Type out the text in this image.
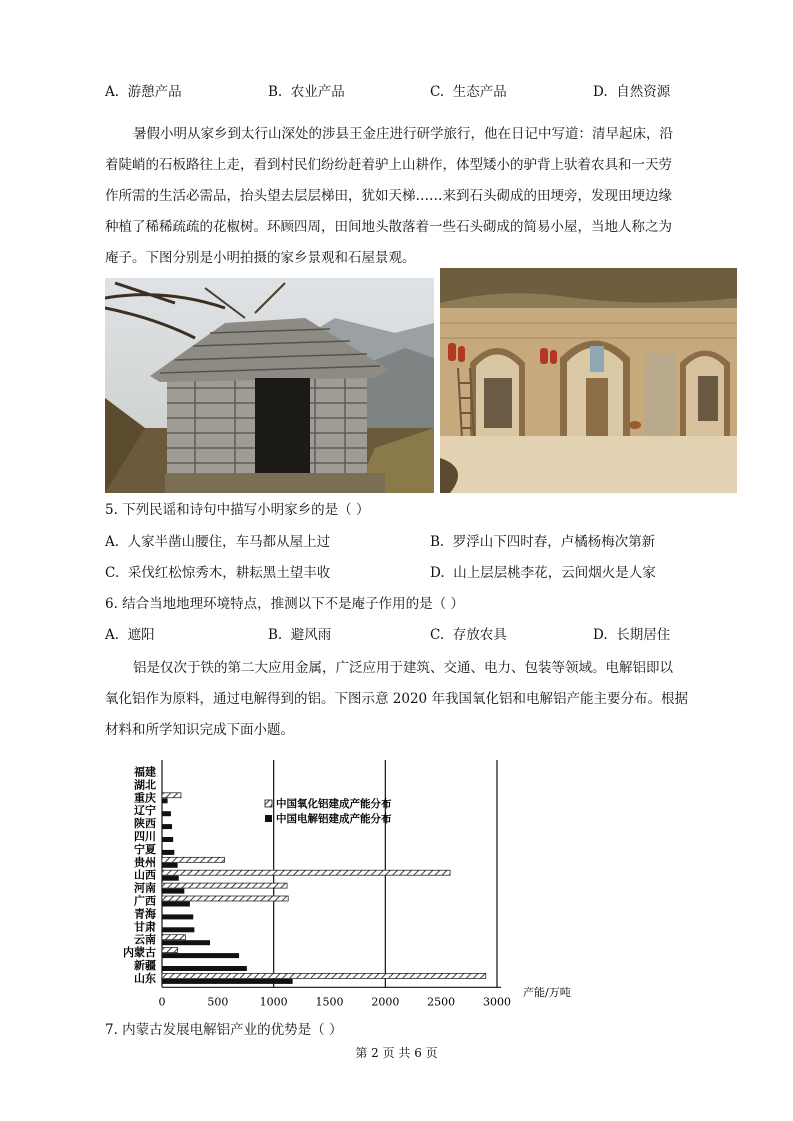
A.  游憩产品	B.  农业产品	C.  生态产品	D.  自然资源
暑假小明从家乡到太行山深处的涉县王金庄进行研学旅行，他在日记中写道：清早起床，沿
着陡峭的石板路往上走，看到村民们纷纷赶着驴上山耕作，体型矮小的驴背上驮着农具和一天劳
作所需的生活必需品，抬头望去层层梯田，犹如天梯……来到石头砌成的田埂旁，发现田埂边缘
种植了稀稀疏疏的花椒树。环顾四周，田间地头散落着一些石头砌成的简易小屋，当地人称之为
庵子。下图分别是小明拍摄的家乡景观和石屋景观。
5. 下列民谣和诗句中描写小明家乡的是（ ）
A.  人家半凿山腰住，车马都从屋上过	B.  罗浮山下四时春，卢橘杨梅次第新
C.  采伐红松惊秀木，耕耘黑土望丰收	D.  山上层层桃李花，云间烟火是人家
6. 结合当地地理环境特点，推测以下不是庵子作用的是（ ）
A.  遮阳	B.  避风雨	C.  存放农具	D.  长期居住
铝是仅次于铁的第二大应用金属，广泛应用于建筑、交通、电力、包装等领域。电解铝即以
氧化铝作为原料，通过电解得到的铝。下图示意 2020 年我国氧化铝和电解铝产能主要分布。根据
材料和所学知识完成下面小题。
福建
湖北
重庆
辽宁
陕西
四川
宁夏
贵州
山西
河南
广西
青海
甘肃
云南
内蒙古
新疆
山东
0	500	1000	1500	2000	2500	3000
中国氧化铝建成产能分布
中国电解铝建成产能分布
产能/万吨
7. 内蒙古发展电解铝产业的优势是（ ）
第 2 页 共 6 页
